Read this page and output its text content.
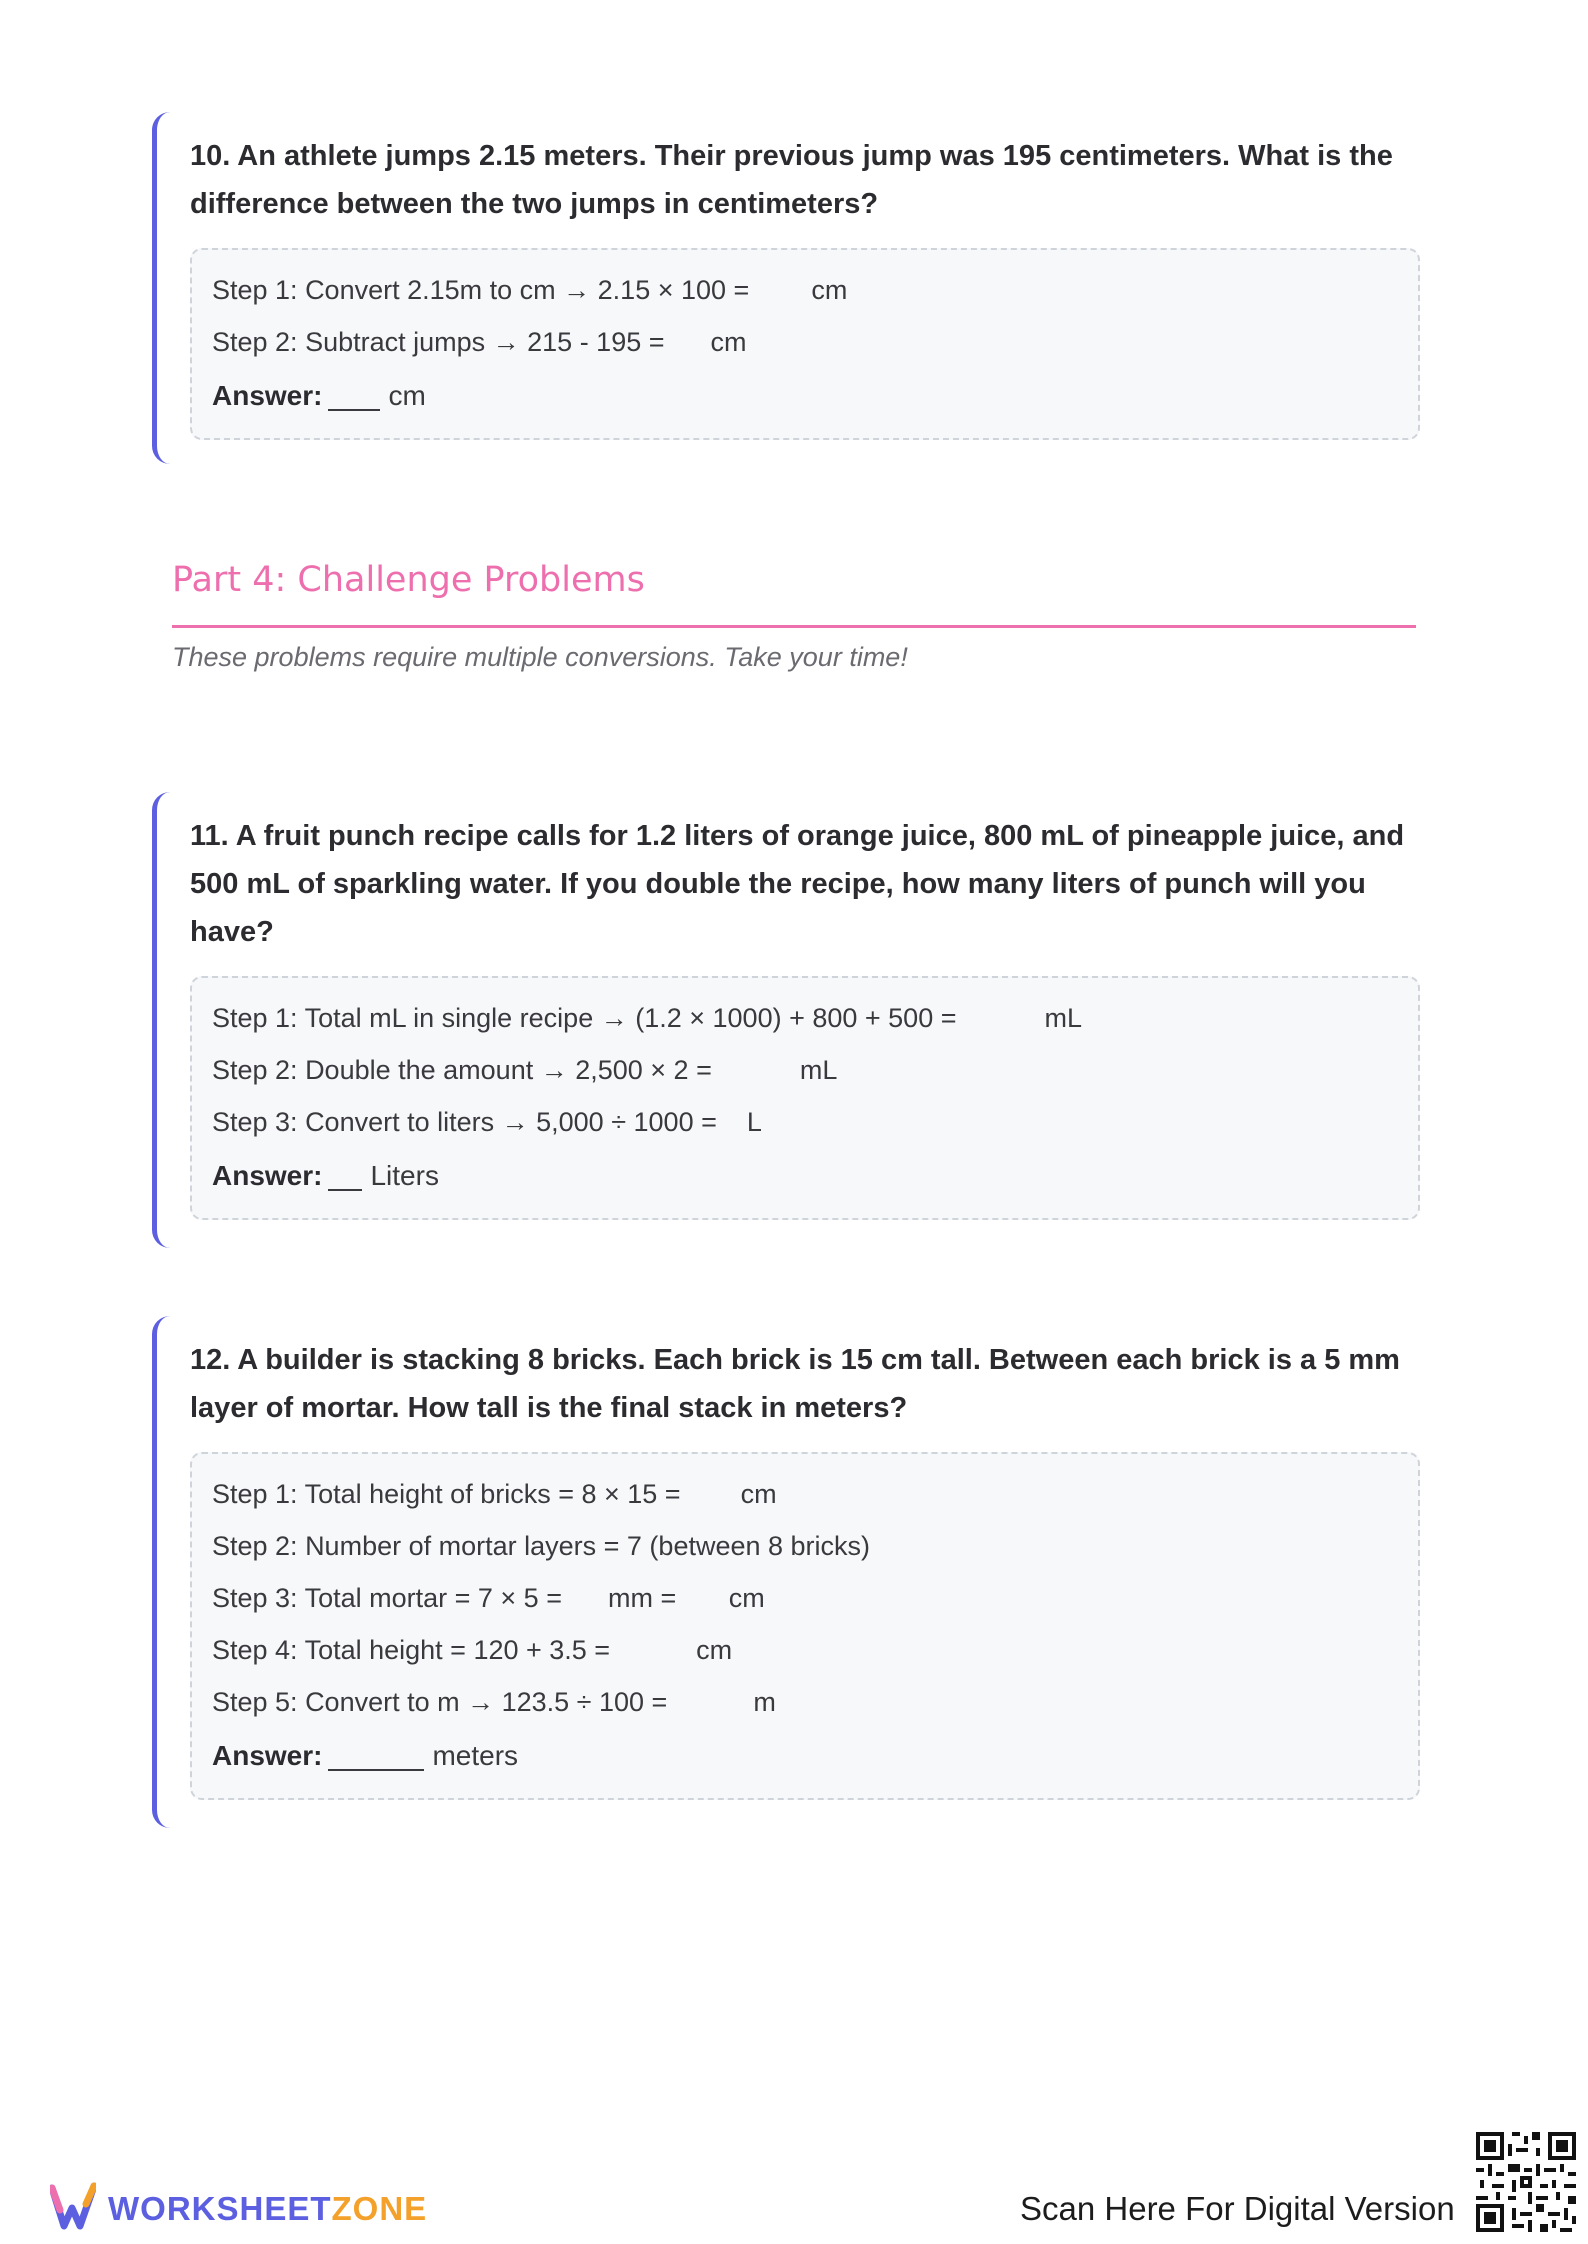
10. An athlete jumps 2.15 meters. Their previous jump was 195 centimeters. What is the difference between the two jumps in centimeters?

Step 1: Convert 2.15m to cm → 2.15 × 100 = cm
Step 2: Subtract jumps → 215 - 195 = cm
Answer: cm
Part 4: Challenge Problems
These problems require multiple conversions. Take your time!

11. A fruit punch recipe calls for 1.2 liters of orange juice, 800 mL of pineapple juice, and 500 mL of sparkling water. If you double the recipe, how many liters of punch will you have?

Step 1: Total mL in single recipe → (1.2 × 1000) + 800 + 500 =	mL
Step 2: Double the amount → 2,500 × 2 =	mL
Step 3: Convert to liters → 5,000 ÷ 1000 = L
Answer: Liters

12. A builder is stacking 8 bricks. Each brick is 15 cm tall. Between each brick is a 5 mm layer of mortar. How tall is the final stack in meters?

Step 1: Total height of bricks = 8 × 15 = cm
Step 2: Number of mortar layers = 7 (between 8 bricks)
Step 3: Total mortar = 7 × 5 = mm =       cm
Step 4: Total height = 120 + 3.5 =	cm
Step 5: Convert to m → 123.5 ÷ 100 =	m
Answer:	meters
WORKSHEETZONE	Scan Here For Digital Version
